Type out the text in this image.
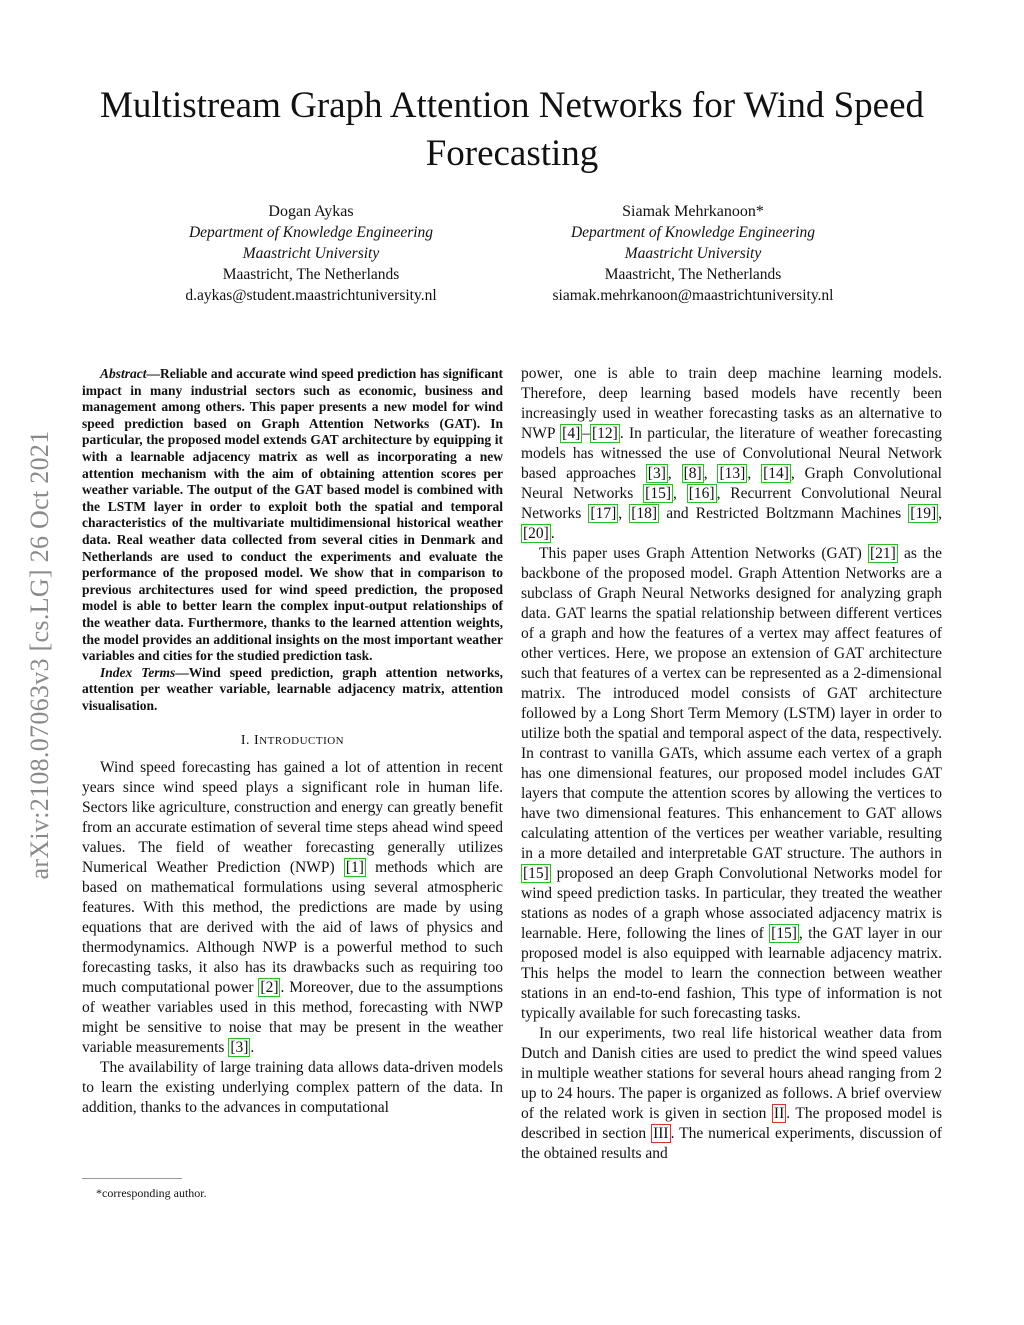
arXiv:2108.07063v3 [cs.LG] 26 Oct 2021
Multistream Graph Attention Networks for Wind Speed Forecasting
Dogan Aykas
Department of Knowledge Engineering
Maastricht University
Maastricht, The Netherlands
d.aykas@student.maastrichtuniversity.nl
Siamak Mehrkanoon*
Department of Knowledge Engineering
Maastricht University
Maastricht, The Netherlands
siamak.mehrkanoon@maastrichtuniversity.nl

Abstract—Reliable and accurate wind speed prediction has significant impact in many industrial sectors such as economic, business and management among others. This paper presents a new model for wind speed prediction based on Graph Attention Networks (GAT). In particular, the proposed model extends GAT architecture by equipping it with a learnable adjacency matrix as well as incorporating a new attention mechanism with the aim of obtaining attention scores per weather variable. The output of the GAT based model is combined with the LSTM layer in order to exploit both the spatial and temporal characteristics of the multivariate multidimensional historical weather data. Real weather data collected from several cities in Denmark and Netherlands are used to conduct the experiments and evaluate the performance of the proposed model. We show that in comparison to previous architectures used for wind speed prediction, the proposed model is able to better learn the complex input-output relationships of the weather data. Furthermore, thanks to the learned attention weights, the model provides an additional insights on the most important weather variables and cities for the studied prediction task.

Index Terms—Wind speed prediction, graph attention networks, attention per weather variable, learnable adjacency matrix, attention visualisation.

I. INTRODUCTION

Wind speed forecasting has gained a lot of attention in recent years since wind speed plays a significant role in human life. Sectors like agriculture, construction and energy can greatly benefit from an accurate estimation of several time steps ahead wind speed values. The field of weather forecasting generally utilizes Numerical Weather Prediction (NWP) [1] methods which are based on mathematical formulations using several atmospheric features. With this method, the predictions are made by using equations that are derived with the aid of laws of physics and thermodynamics. Although NWP is a powerful method to such forecasting tasks, it also has its drawbacks such as requiring too much computational power [2] . Moreover, due to the assumptions of weather variables used in this method, forecasting with NWP might be sensitive to noise that may be present in the weather variable measurements [3] .

The availability of large training data allows data-driven models to learn the existing underlying complex pattern of the data. In addition, thanks to the advances in computational

power, one is able to train deep machine learning models. Therefore, deep learning based models have recently been increasingly used in weather forecasting tasks as an alternative to NWP [4] – [12] . In particular, the literature of weather forecasting models has witnessed the use of Convolutional Neural Network based approaches [3] , [8] , [13] , [14] , Graph Convolutional Neural Networks [15] , [16] , Recurrent Convolutional Neural Networks [17] , [18] and Restricted Boltzmann Machines [19] , [20] .

This paper uses Graph Attention Networks (GAT) [21] as the backbone of the proposed model. Graph Attention Networks are a subclass of Graph Neural Networks designed for analyzing graph data. GAT learns the spatial relationship between different vertices of a graph and how the features of a vertex may affect features of other vertices. Here, we propose an extension of GAT architecture such that features of a vertex can be represented as a 2-dimensional matrix. The introduced model consists of GAT architecture followed by a Long Short Term Memory (LSTM) layer in order to utilize both the spatial and temporal aspect of the data, respectively. In contrast to vanilla GATs, which assume each vertex of a graph has one dimensional features, our proposed model includes GAT layers that compute the attention scores by allowing the vertices to have two dimensional features. This enhancement to GAT allows calculating attention of the vertices per weather variable, resulting in a more detailed and interpretable GAT structure. The authors in [15] proposed an deep Graph Convolutional Networks model for wind speed prediction tasks. In particular, they treated the weather stations as nodes of a graph whose associated adjacency matrix is learnable. Here, following the lines of [15] , the GAT layer in our proposed model is also equipped with learnable adjacency matrix. This helps the model to learn the connection between weather stations in an end-to-end fashion, This type of information is not typically available for such forecasting tasks.

In our experiments, two real life historical weather data from Dutch and Danish cities are used to predict the wind speed values in multiple weather stations for several hours ahead ranging from 2 up to 24 hours. The paper is organized as follows. A brief overview of the related work is given in section II . The proposed model is described in section III . The numerical experiments, discussion of the obtained results and

*corresponding author.
